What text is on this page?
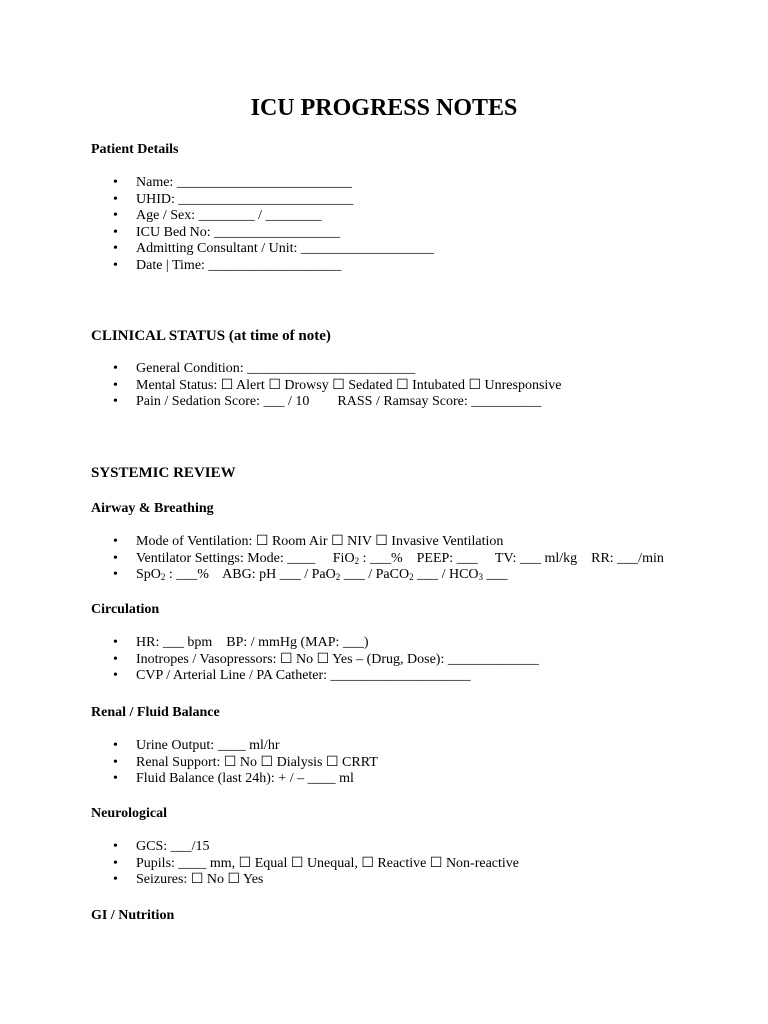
ICU PROGRESS NOTES
Patient Details
• Name: _________________________
• UHID: _________________________
• Age / Sex: ________ / ________
• ICU Bed No: __________________
• Admitting Consultant / Unit: ___________________
• Date | Time: ___________________
CLINICAL STATUS (at time of note)
• General Condition: ________________________
• Mental Status: ☐ Alert ☐ Drowsy ☐ Sedated ☐ Intubated ☐ Unresponsive
• Pain / Sedation Score: ___ / 10        RASS / Ramsay Score: __________
SYSTEMIC REVIEW
Airway & Breathing
• Mode of Ventilation: ☐ Room Air ☐ NIV ☐ Invasive Ventilation
• Ventilator Settings: Mode: ____     FiO$_2$ : ___%    PEEP: ___     TV: ___ ml/kg    RR: ___/min
• SpO$_2$ : ___%    ABG: pH ___ / PaO$_2$ ___ / PaCO$_2$ ___ / $HCO_3$ ___
Circulation
• HR: ___ bpm    BP: / mmHg (MAP: ___)
• Inotropes / Vasopressors: ☐ No ☐ Yes – (Drug, Dose): _____________
• CVP / Arterial Line / PA Catheter: ____________________
Renal / Fluid Balance
• Urine Output: ____ ml/hr
• Renal Support: ☐ No ☐ Dialysis ☐ CRRT
• Fluid Balance (last 24h): + / – ____ ml
Neurological
• GCS: ___/15
• Pupils: ____ mm, ☐ Equal ☐ Unequal, ☐ Reactive ☐ Non-reactive
• Seizures: ☐ No ☐ Yes
GI / Nutrition
